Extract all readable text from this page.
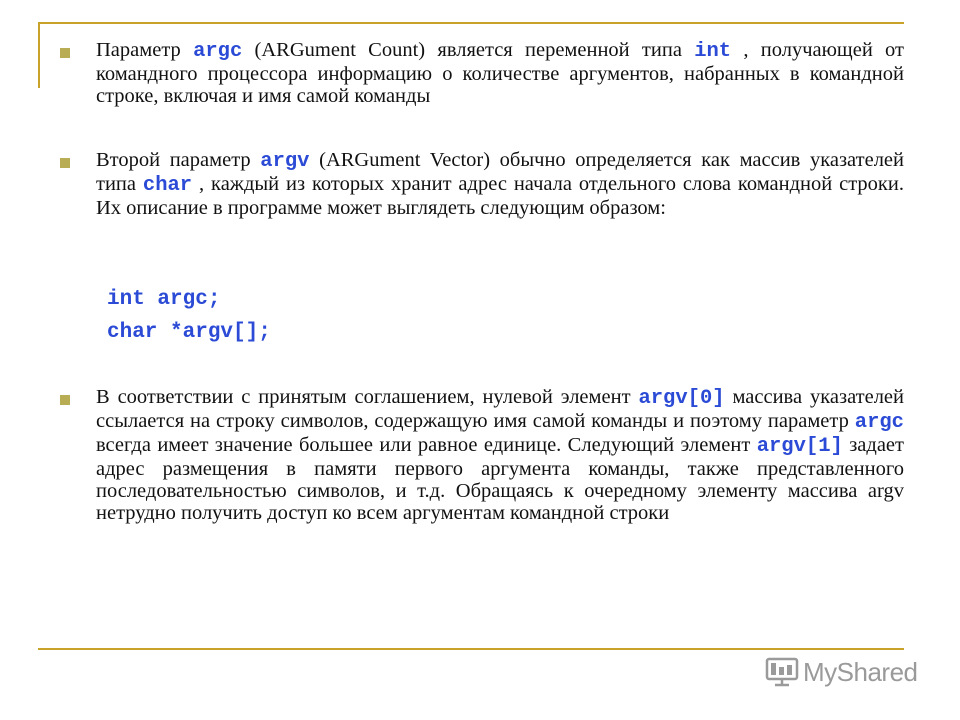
Параметр argc (ARGument Count) является переменной типа int , получающей от командного процессора информацию о количестве аргументов, набранных в командной строке, включая и имя самой команды
Второй параметр argv (ARGument Vector) обычно определяется как массив указателей типа char , каждый из которых хранит адрес начала отдельного слова командной строки. Их описание в программе может выглядеть следующим образом:
int argc;
char *argv[];
В соответствии с принятым соглашением, нулевой элемент argv[0] массива указателей ссылается на строку символов, содержащую имя самой команды и поэтому параметр argc всегда имеет значение большее или равное единице. Следующий элемент argv[1] задает адрес размещения в памяти первого аргумента команды, также представленного последовательностью символов, и т.д. Обращаясь к очередному элементу массива argv нетрудно получить доступ ко всем аргументам командной строки
MyShared
